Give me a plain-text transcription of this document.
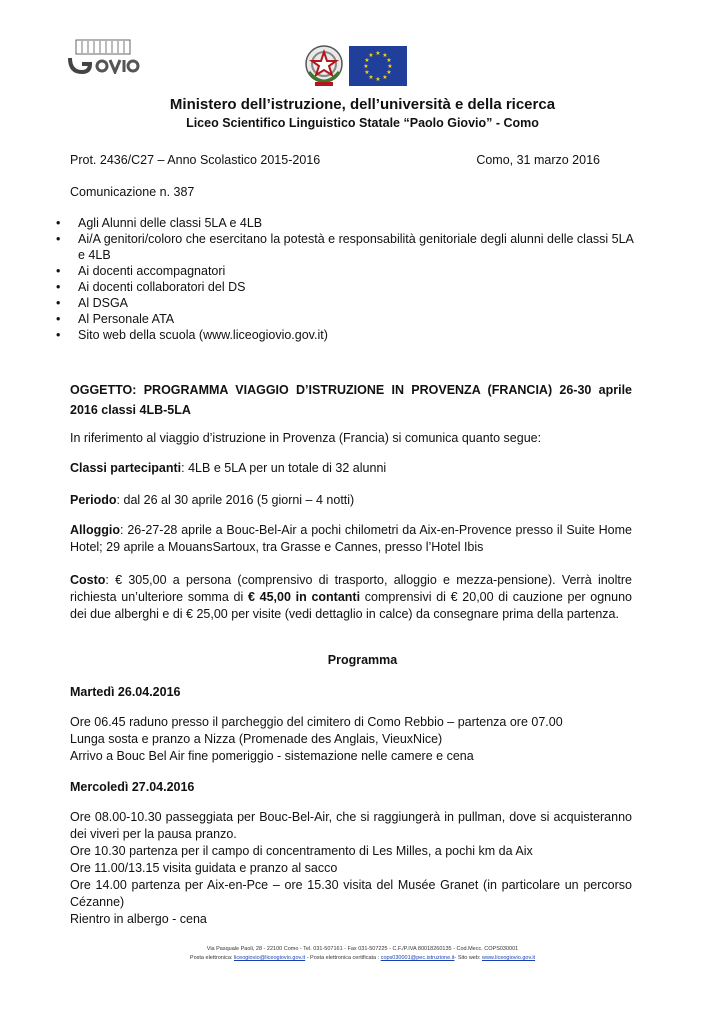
★ ★
★
★
★
★
★
★
★
★
★
★
Ministero dell’istruzione, dell’università e della ricerca
Liceo Scientifico Linguistico Statale “Paolo Giovio” - Como
Prot. 2436/C27 – Anno Scolastico 2015-2016	Como, 31 marzo 2016
Comunicazione n. 387
• Agli Alunni delle classi 5LA e 4LB
• Ai/A genitori/coloro che esercitano la potestà e responsabilità genitoriale degli alunni delle classi 5LA e 4LB
• Ai docenti accompagnatori
• Ai docenti collaboratori del DS
• Al DSGA
• Al Personale ATA
• Sito web della scuola (www.liceogiovio.gov.it)

OGGETTO: PROGRAMMA VIAGGIO D’ISTRUZIONE IN PROVENZA (FRANCIA) 26-30 aprile 2016 classi 4LB-5LA

In riferimento al viaggio d’istruzione in Provenza (Francia) si comunica quanto segue:

Classi partecipanti: 4LB e 5LA per un totale di 32 alunni

Periodo: dal 26 al 30 aprile 2016 (5 giorni – 4 notti)

Alloggio: 26-27-28 aprile a Bouc-Bel-Air a pochi chilometri da Aix-en-Provence presso il Suite Home Hotel; 29 aprile a MouansSartoux, tra Grasse e Cannes, presso l’Hotel Ibis

Costo: € 305,00 a persona (comprensivo di trasporto, alloggio e mezza-pensione). Verrà inoltre richiesta un’ulteriore somma di € 45,00 in contanti comprensivi di € 20,00 di cauzione per ognuno dei due alberghi e di € 25,00 per visite (vedi dettaglio in calce) da consegnare prima della partenza.

Programma

Martedì 26.04.2016

Ore 06.45 raduno presso il parcheggio del cimitero di Como Rebbio – partenza ore 07.00
Lunga sosta e pranzo a Nizza (Promenade des Anglais, VieuxNice)
Arrivo a Bouc Bel Air fine pomeriggio - sistemazione nelle camere e cena

Mercoledì 27.04.2016

Ore 08.00-10.30 passeggiata per Bouc-Bel-Air, che si raggiungerà in pullman, dove si acquisteranno dei viveri per la pausa pranzo.
Ore 10.30 partenza per il campo di concentramento di Les Milles, a pochi km da Aix
Ore 11.00/13.15 visita guidata e pranzo al sacco
Ore 14.00 partenza per Aix-en-Pce – ore 15.30 visita del Musée Granet (in particolare un percorso Cézanne)
Rientro in albergo - cena
Via Pasquale Paoli, 28 - 22100 Como - Tel. 031-507161 - Fax 031-507225 - C.F./P.IVA 80018260135 - Cod.Mecc. COPS030001
Posta elettronica: liceogiovio@liceogiovio.gov.it - Posta elettronica certificata : cops030001@pec.istruzione.it- Sito web: www.liceogiovio.gov.it
